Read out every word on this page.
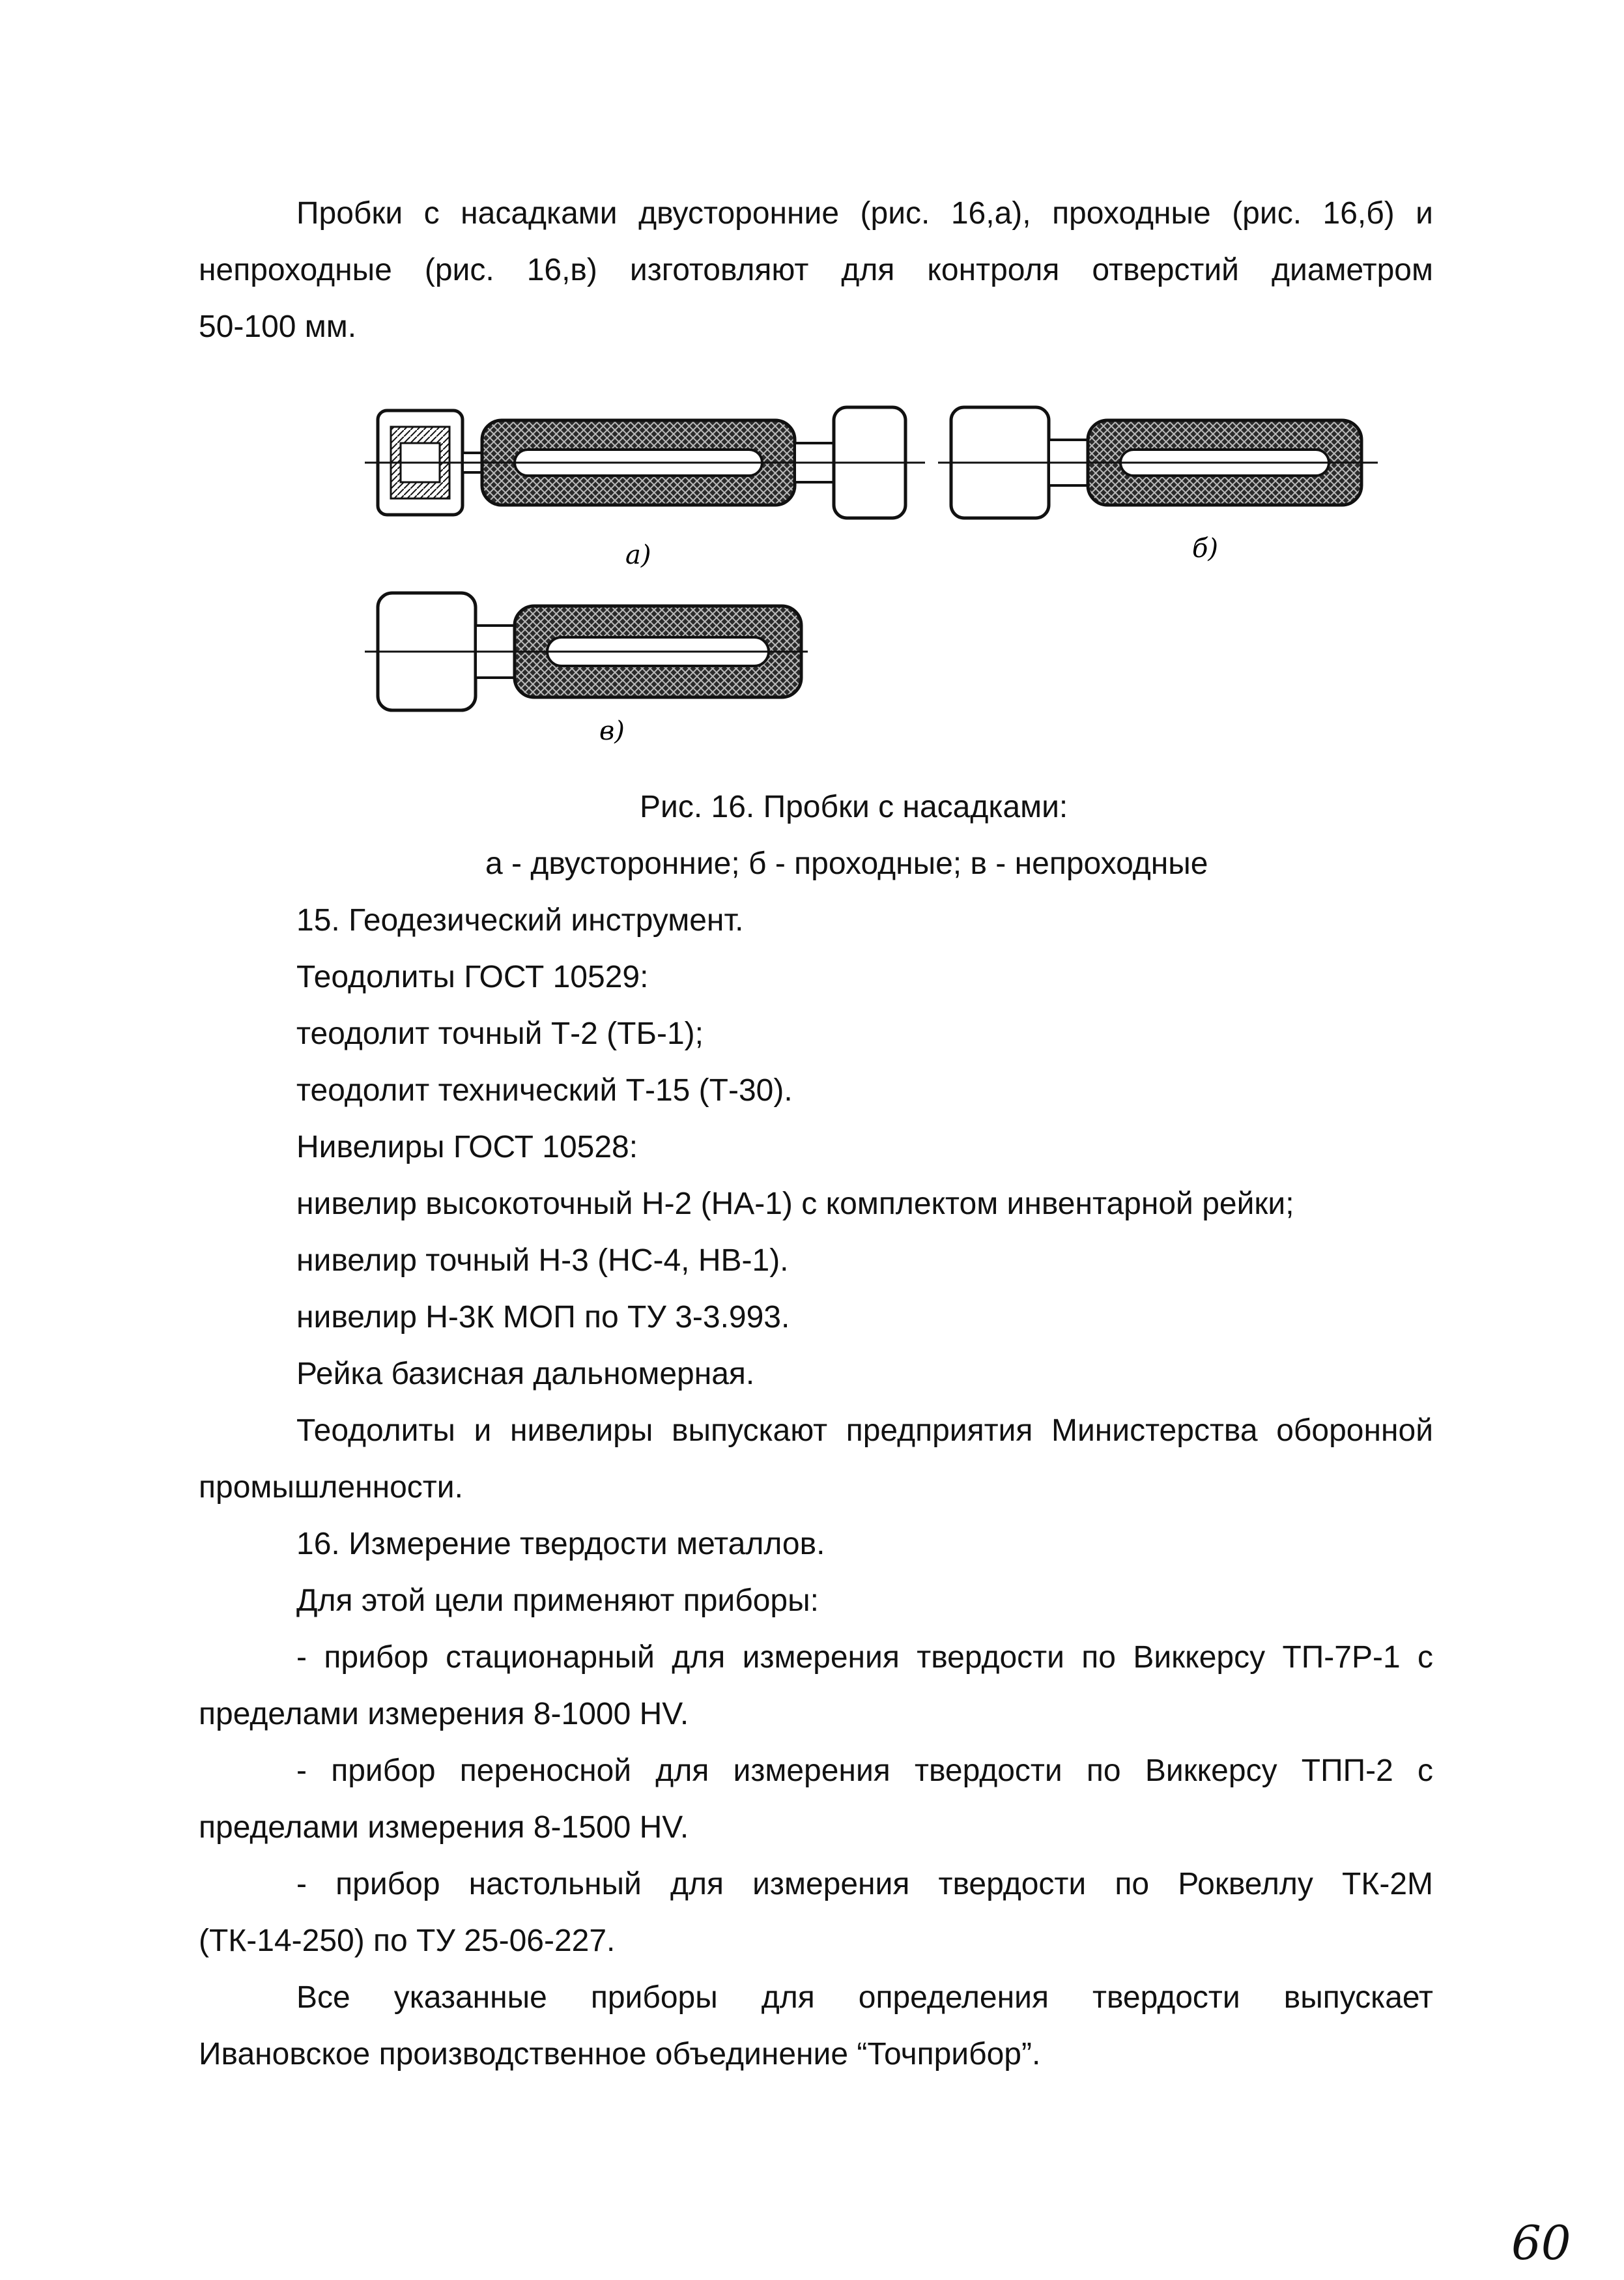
Пробки с насадками двусторонние (рис. 16,а), проходные (рис. 16,б) и
непроходные (рис. 16,в) изготовляют для контроля отверстий диаметром
50-100 мм.
а)	б)
в)
Рис. 16. Пробки с насадками:
а - двусторонние; б - проходные; в - непроходные
15. Геодезический инструмент.
Теодолиты ГОСТ 10529:
теодолит точный Т-2 (ТБ-1);
теодолит технический Т-15 (Т-30).
Нивелиры ГОСТ 10528:
нивелир высокоточный Н-2 (НА-1) с комплектом инвентарной рейки;
нивелир точный Н-3 (НС-4, НВ-1).
нивелир Н-3К МОП по ТУ 3-3.993.
Рейка базисная дальномерная.
Теодолиты и нивелиры выпускают предприятия Министерства оборонной
промышленности.
16. Измерение твердости металлов.
Для этой цели применяют приборы:
- прибор стационарный для измерения твердости по Виккерсу ТП-7Р-1 с
пределами измерения 8-1000 HV.
- прибор переносной для измерения твердости по Виккерсу ТПП-2 с
пределами измерения 8-1500 HV.
- прибор настольный для измерения твердости по Роквеллу ТК-2М
(ТК-14-250) по ТУ 25-06-227.
Все указанные приборы для определения твердости выпускает
Ивановское производственное объединение “Точприбор”.
60
